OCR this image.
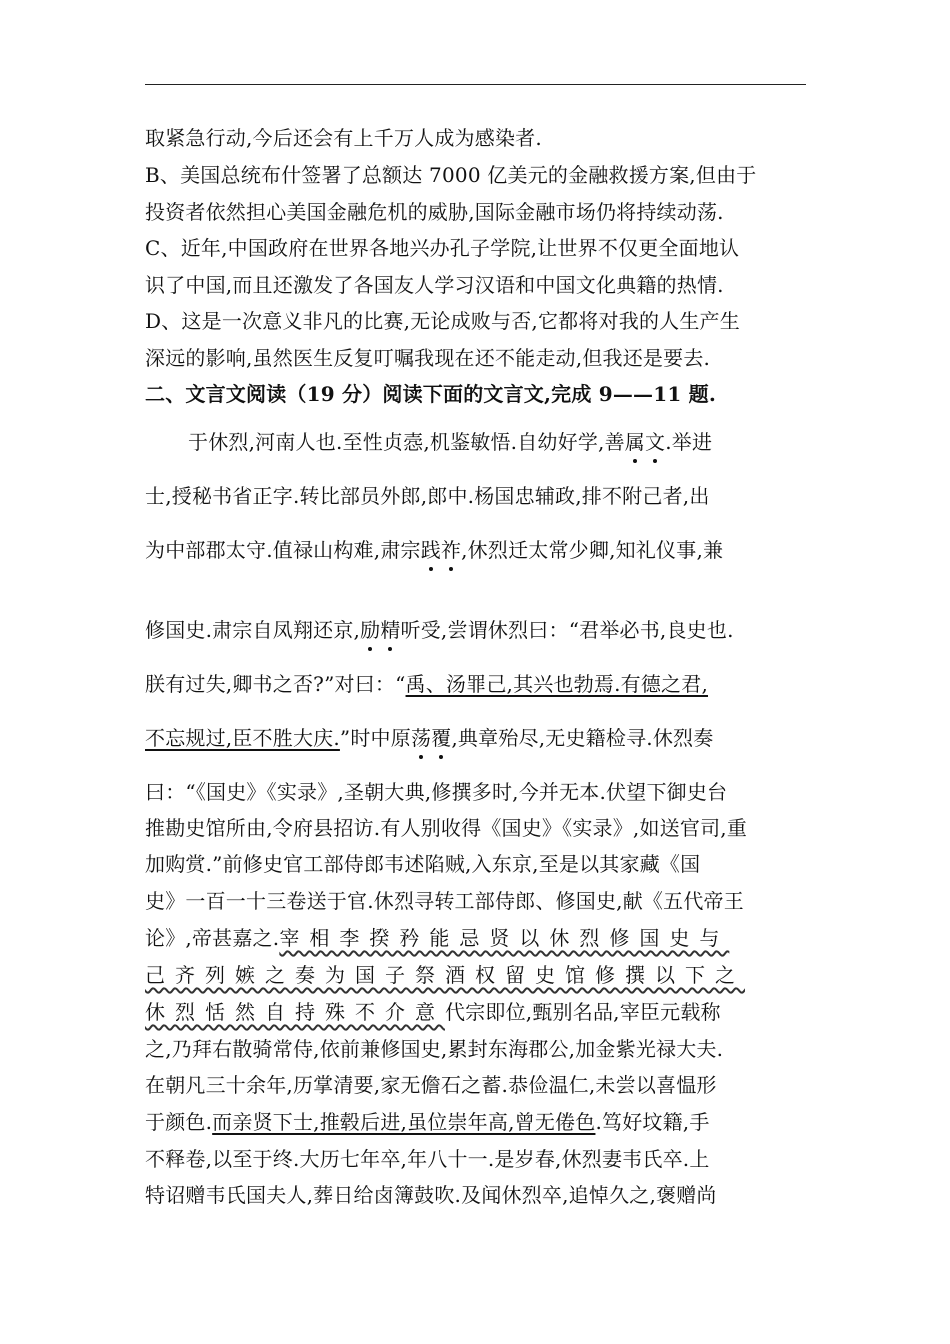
取紧急行动,今后还会有上千万人成为感染者.
B、美国总统布什签署了总额达 7000 亿美元的金融救援方案,但由于
投资者依然担心美国金融危机的威胁,国际金融市场仍将持续动荡.
C、近年,中国政府在世界各地兴办孔子学院,让世界不仅更全面地认
识了中国,而且还激发了各国友人学习汉语和中国文化典籍的热情.
D、这是一次意义非凡的比赛,无论成败与否,它都将对我的人生产生
深远的影响,虽然医生反复叮嘱我现在还不能走动,但我还是要去.
二、文言文阅读（19 分）阅读下面的文言文,完成 9——11 题.
于休烈,河南人也.至性贞悫,机鉴敏悟.自幼好学,善属文.举进
士,授秘书省正字.转比部员外郎,郎中.杨国忠辅政,排不附己者,出
为中部郡太守.值禄山构难,肃宗践祚,休烈迁太常少卿,知礼仪事,兼
修国史.肃宗自凤翔还京,励精听受,尝谓休烈曰：“君举必书,良史也.
朕有过失,卿书之否?”对曰：“禹、汤罪己,其兴也勃焉.有德之君,
不忘规过,臣不胜大庆.”时中原荡覆,典章殆尽,无史籍检寻.休烈奏
曰：“《国史》《实录》,圣朝大典,修撰多时,今并无本.伏望下御史台
推勘史馆所由,令府县招访.有人别收得《国史》《实录》,如送官司,重
加购赏.”前修史官工部侍郎韦述陷贼,入东京,至是以其家藏《国
史》一百一十三卷送于官.休烈寻转工部侍郎、修国史,献《五代帝王
论》,帝甚嘉之.宰相李揆矜能忌贤以休烈修国史与
己齐列嫉之奏为国子祭酒权留史馆修撰以下之
休烈恬然自持殊不介意代宗即位,甄别名品,宰臣元载称
之,乃拜右散骑常侍,依前兼修国史,累封东海郡公,加金紫光禄大夫.
在朝凡三十余年,历掌清要,家无儋石之蓄.恭俭温仁,未尝以喜愠形
于颜色.而亲贤下士,推毂后进,虽位崇年高,曾无倦色.笃好坟籍,手
不释卷,以至于终.大历七年卒,年八十一.是岁春,休烈妻韦氏卒.上
特诏赠韦氏国夫人,葬日给卤簿鼓吹.及闻休烈卒,追悼久之,褒赠尚
